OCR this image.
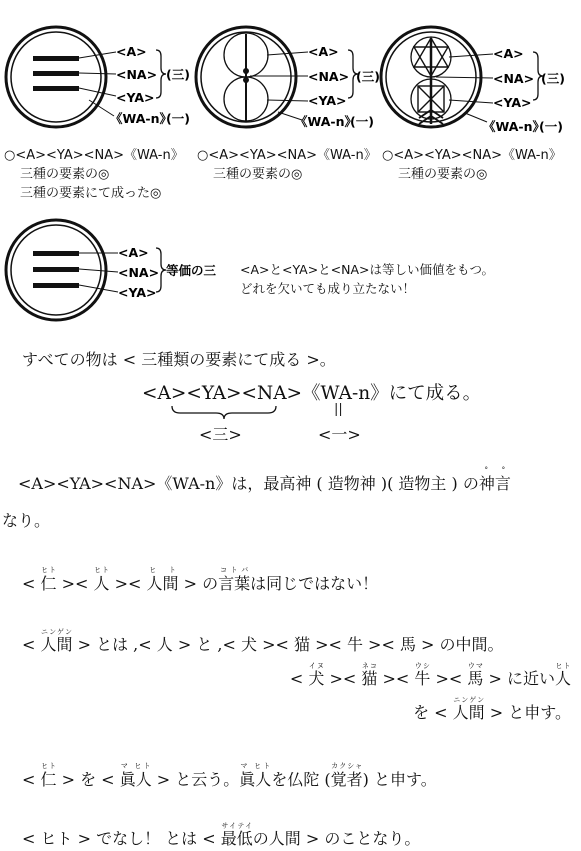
<A>
<NA>
<YA>
(三)
《WA-n》
(一)
<A>
<NA>
<YA>
(三)
《WA-n》
(一)
<A>
<NA>
<YA>
(三)
《WA-n》
(一)
○<A><YA><NA>《WA-n》
三種の要素の◎
三種の要素にて成った◎
○<A><YA><NA>《WA-n》
三種の要素の◎
○<A><YA><NA>《WA-n》
三種の要素の◎
<A>
<NA>
<YA>
等価の三 <A>と<YA>と<NA>は等しい価値をもつ。
どれを欠いても成り立たない！
すべての物は < 三種類の要素にて成る >。
<A><YA><NA>《WA-n》にて成る。
||
<三>	<一>
<A><YA><NA>《WA-n》は，最高神 ( 造物神 )( 造物主 ) の神言° °
なり。
< 仁ヒト >< 人ヒト >< 人間ヒ ト > の言葉コトバは同じではない！
< 人間ニンゲン > とは ,< 人 > と ,< 犬 >< 猫 >< 牛 >< 馬 > の中間。
< 犬イヌ >< 猫ネコ >< 牛ウシ >< 馬ウマ > に近い人ヒト
を < 人間ニンゲン > と申す。
< 仁ヒト > を < 眞人マ ヒト > と云う。眞人マ ヒトを仏陀 (覚者カクシャ) と申す。
< ヒト > でなし！ とは < 最低サイテイの人間 > のことなり。
